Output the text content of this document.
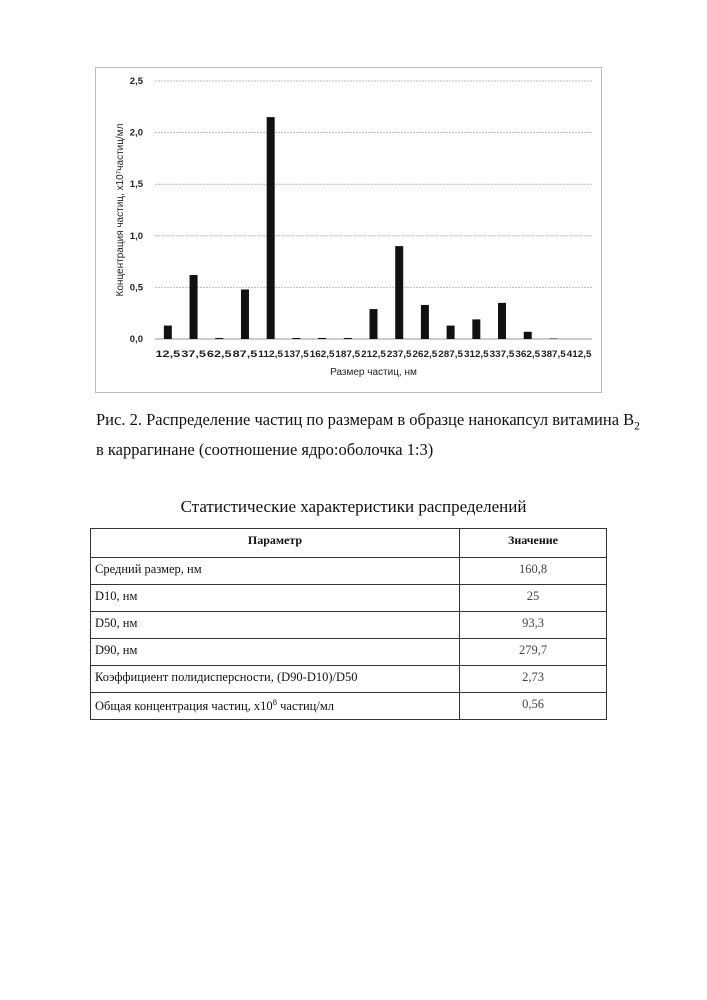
0,0
0,5
1,0
1,5
2,0
2,5
12,5 37,5 62,5 87,5 112,5 137,5 162,5 187,5 212,5 237,5 262,5 287,5 312,5 337,5 362,5 387,5 412,5
Размер частиц, нм
Концентрация частиц, x10⁷частиц/мл
Рис. 2. Распределение частиц по размерам в образце нанокапсул витамина B2
в каррагинане (соотношение ядро:оболочка 1:3)
Статистические характеристики распределений
Параметр	Значение
Средний размер, нм	160,8
D10, нм	25
D50, нм	93,3
D90, нм	279,7
Коэффициент полидисперсности, (D90-D10)/D50	2,73
Общая концентрация частиц, x108 частиц/мл	0,56
